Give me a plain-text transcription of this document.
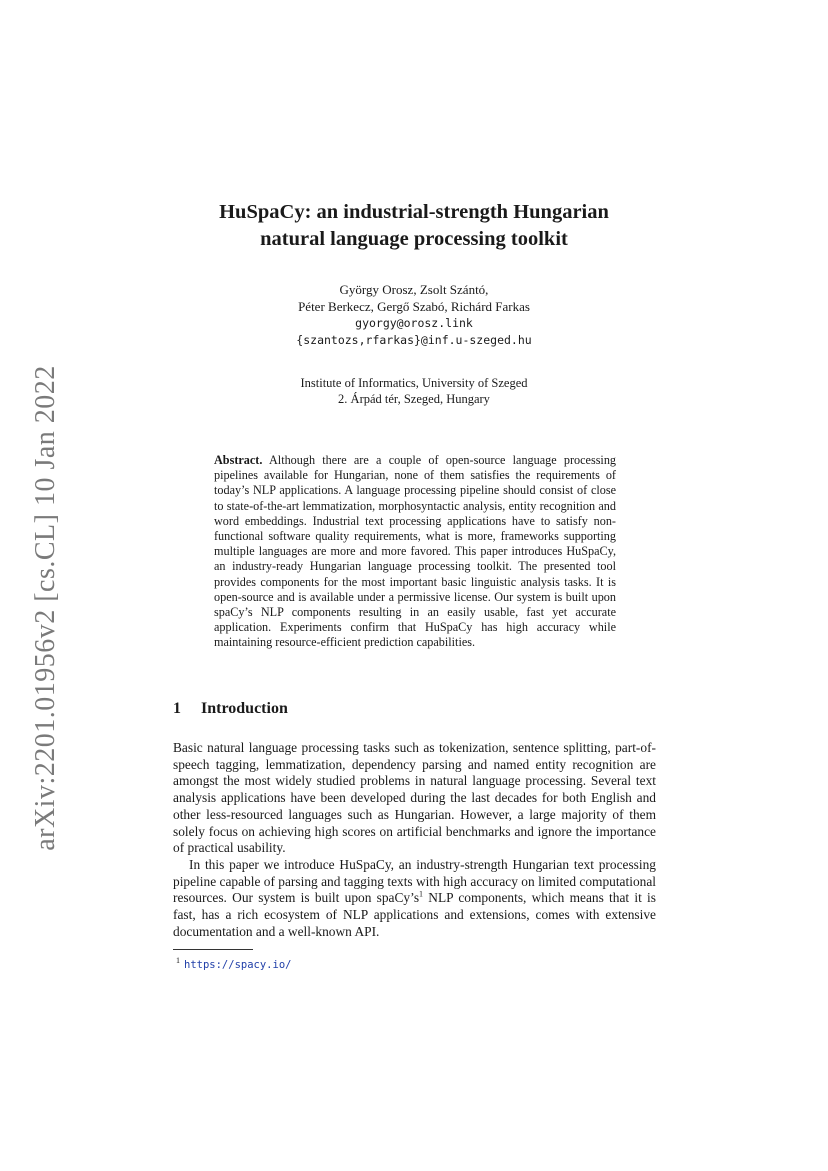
arXiv:2201.01956v2 [cs.CL] 10 Jan 2022
HuSpaCy: an industrial-strength Hungarian
natural language processing toolkit
György Orosz, Zsolt Szántó,
Péter Berkecz, Gergő Szabó, Richárd Farkas
gyorgy@orosz.link
{szantozs,rfarkas}@inf.u-szeged.hu
Institute of Informatics, University of Szeged
2. Árpád tér, Szeged, Hungary

Abstract. Although there are a couple of open-source language processing pipelines available for Hungarian, none of them satisfies the requirements of today’s NLP applications. A language processing pipeline should consist of close to state-of-the-art lemmatization, morphosyntactic analysis, entity recognition and word embeddings. Industrial text processing applications have to satisfy non-functional software quality requirements, what is more, frameworks supporting multiple languages are more and more favored. This paper introduces HuSpaCy, an industry-ready Hungarian language processing toolkit. The presented tool provides components for the most important basic linguistic analysis tasks. It is open-source and is available under a permissive license. Our system is built upon spaCy’s NLP components resulting in an easily usable, fast yet accurate application. Experiments confirm that HuSpaCy has high accuracy while maintaining resource-efficient prediction capabilities.

1 Introduction

Basic natural language processing tasks such as tokenization, sentence splitting, part-of-speech tagging, lemmatization, dependency parsing and named entity recognition are amongst the most widely studied problems in natural language processing. Several text analysis applications have been developed during the last decades for both English and other less-resourced languages such as Hungarian. However, a large majority of them solely focus on achieving high scores on artificial benchmarks and ignore the importance of practical usability.

In this paper we introduce HuSpaCy, an industry-strength Hungarian text processing pipeline capable of parsing and tagging texts with high accuracy on limited computational resources. Our system is built upon $spaCy’s^1$ NLP components, which means that it is fast, has a rich ecosystem of NLP applications and extensions, comes with extensive documentation and a well-known API.

$^1$ https://spacy.io/
